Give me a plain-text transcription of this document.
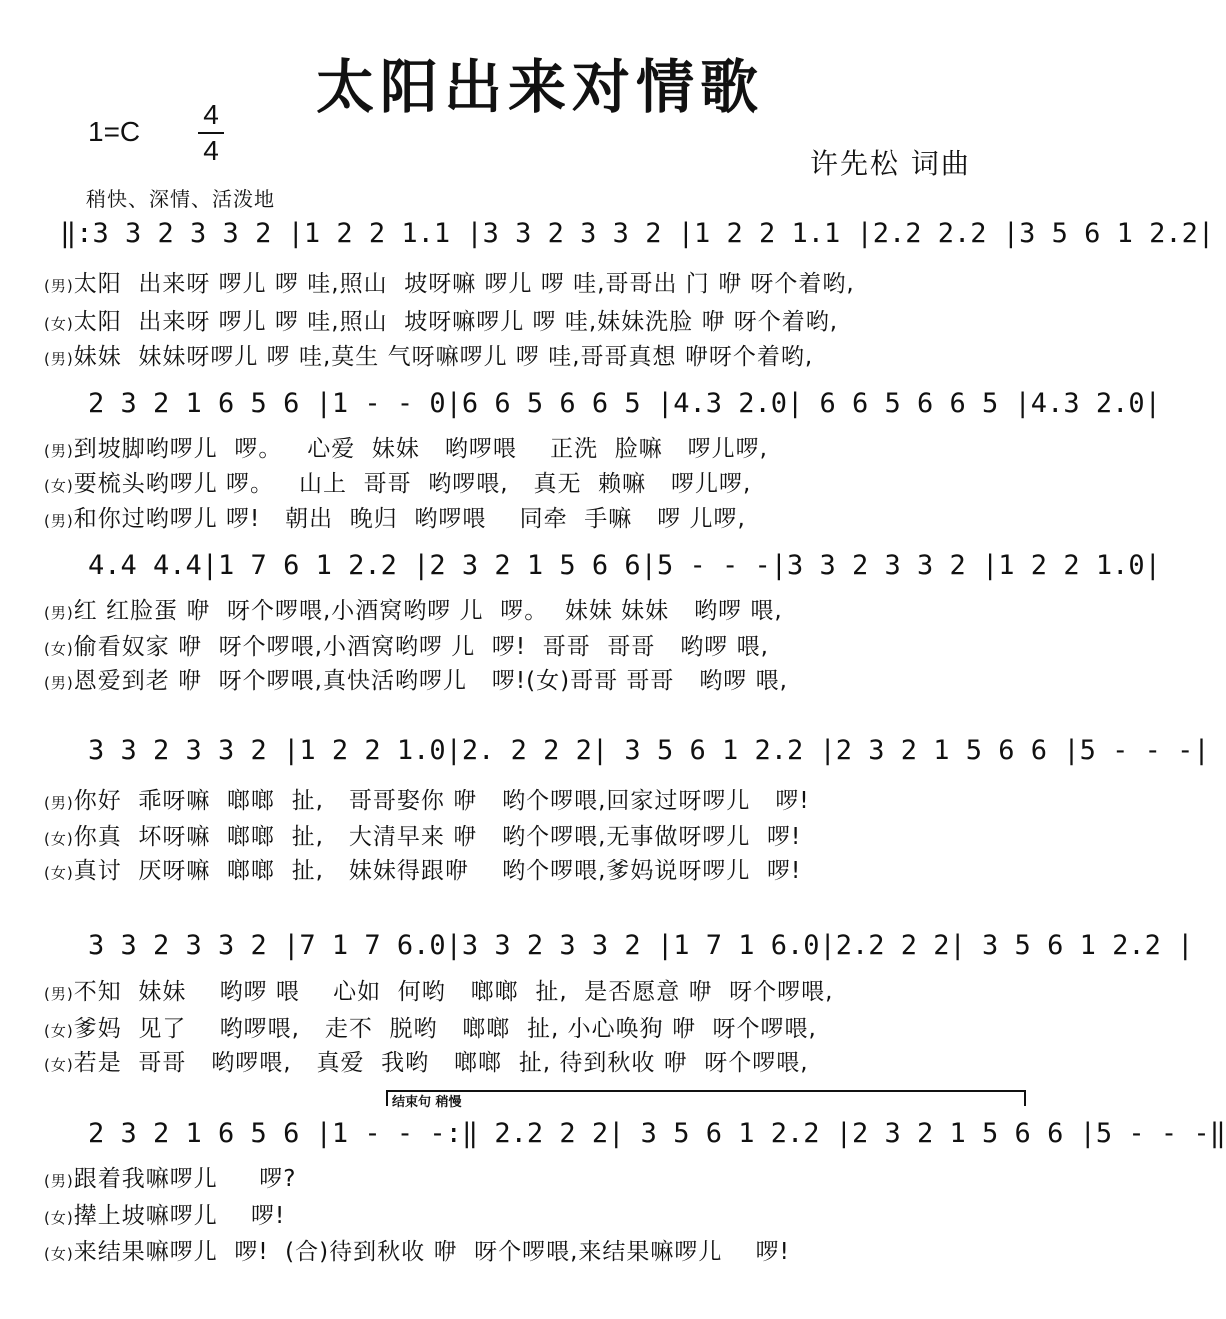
太阳出来对情歌
1=C
4
4	许先松 词曲
稍快、深情、活泼地
‖:3 3 2 3 3 2 |1 2 2 1.1 |3 3 2 3 3 2 |1 2 2 1.1 |2.2 2.2 |3 5 6 1 2.2|
(男)太阳  出来呀 啰儿 啰 哇,照山  坡呀嘛 啰儿 啰 哇,哥哥出 门 咿 呀个着哟,
(女)太阳  出来呀 啰儿 啰 哇,照山  坡呀嘛啰儿 啰 哇,妹妹洗脸 咿 呀个着哟,
(男)妹妹  妹妹呀啰儿 啰 哇,莫生 气呀嘛啰儿 啰 哇,哥哥真想 咿呀个着哟,
2 3 2 1 6 5 6 |1 - - 0|6 6 5 6 6 5 |4.3 2.0| 6 6 5 6 6 5 |4.3 2.0|
(男)到坡脚哟啰儿  啰。   心爱  妹妹   哟啰喂    正洗  脸嘛   啰儿啰,
(女)要梳头哟啰儿 啰。   山上  哥哥  哟啰喂,   真无  赖嘛   啰儿啰,
(男)和你过哟啰儿 啰!   朝出  晚归  哟啰喂    同牵  手嘛   啰 儿啰,
4.4 4.4|1 7 6 1 2.2 |2 3 2 1 5 6 6|5 - - -|3 3 2 3 3 2 |1 2 2 1.0|
(男)红 红脸蛋 咿  呀个啰喂,小酒窝哟啰 儿  啰。  妹妹 妹妹   哟啰 喂,
(女)偷看奴家 咿  呀个啰喂,小酒窝哟啰 儿  啰!  哥哥  哥哥   哟啰 喂,
(男)恩爱到老 咿  呀个啰喂,真快活哟啰儿   啰!(女)哥哥 哥哥   哟啰 喂,
3 3 2 3 3 2 |1 2 2 1.0|2. 2 2 2| 3 5 6 1 2.2 |2 3 2 1 5 6 6 |5 - - -|
(男)你好  乖呀嘛  啷啷  扯,   哥哥娶你 咿   哟个啰喂,回家过呀啰儿   啰!
(女)你真  坏呀嘛  啷啷  扯,   大清早来 咿   哟个啰喂,无事做呀啰儿  啰!
(女)真讨  厌呀嘛  啷啷  扯,   妹妹得跟咿    哟个啰喂,爹妈说呀啰儿  啰!
3 3 2 3 3 2 |7 1 7 6.0|3 3 2 3 3 2 |1 7 1 6.0|2.2 2 2| 3 5 6 1 2.2 |
(男)不知  妹妹    哟啰 喂    心如  何哟   啷啷  扯,  是否愿意 咿  呀个啰喂,
(女)爹妈  见了    哟啰喂,   走不  脱哟   啷啷  扯, 小心唤狗 咿  呀个啰喂,
(女)若是  哥哥   哟啰喂,   真爱  我哟   啷啷  扯, 待到秋收 咿  呀个啰喂,
结束句 稍慢
2 3 2 1 6 5 6 |1 - - -:‖ 2.2 2 2| 3 5 6 1 2.2 |2 3 2 1 5 6 6 |5 - - -‖
(男)跟着我嘛啰儿     啰?
(女)撵上坡嘛啰儿    啰!
(女)来结果嘛啰儿  啰!  (合)待到秋收 咿  呀个啰喂,来结果嘛啰儿    啰!
